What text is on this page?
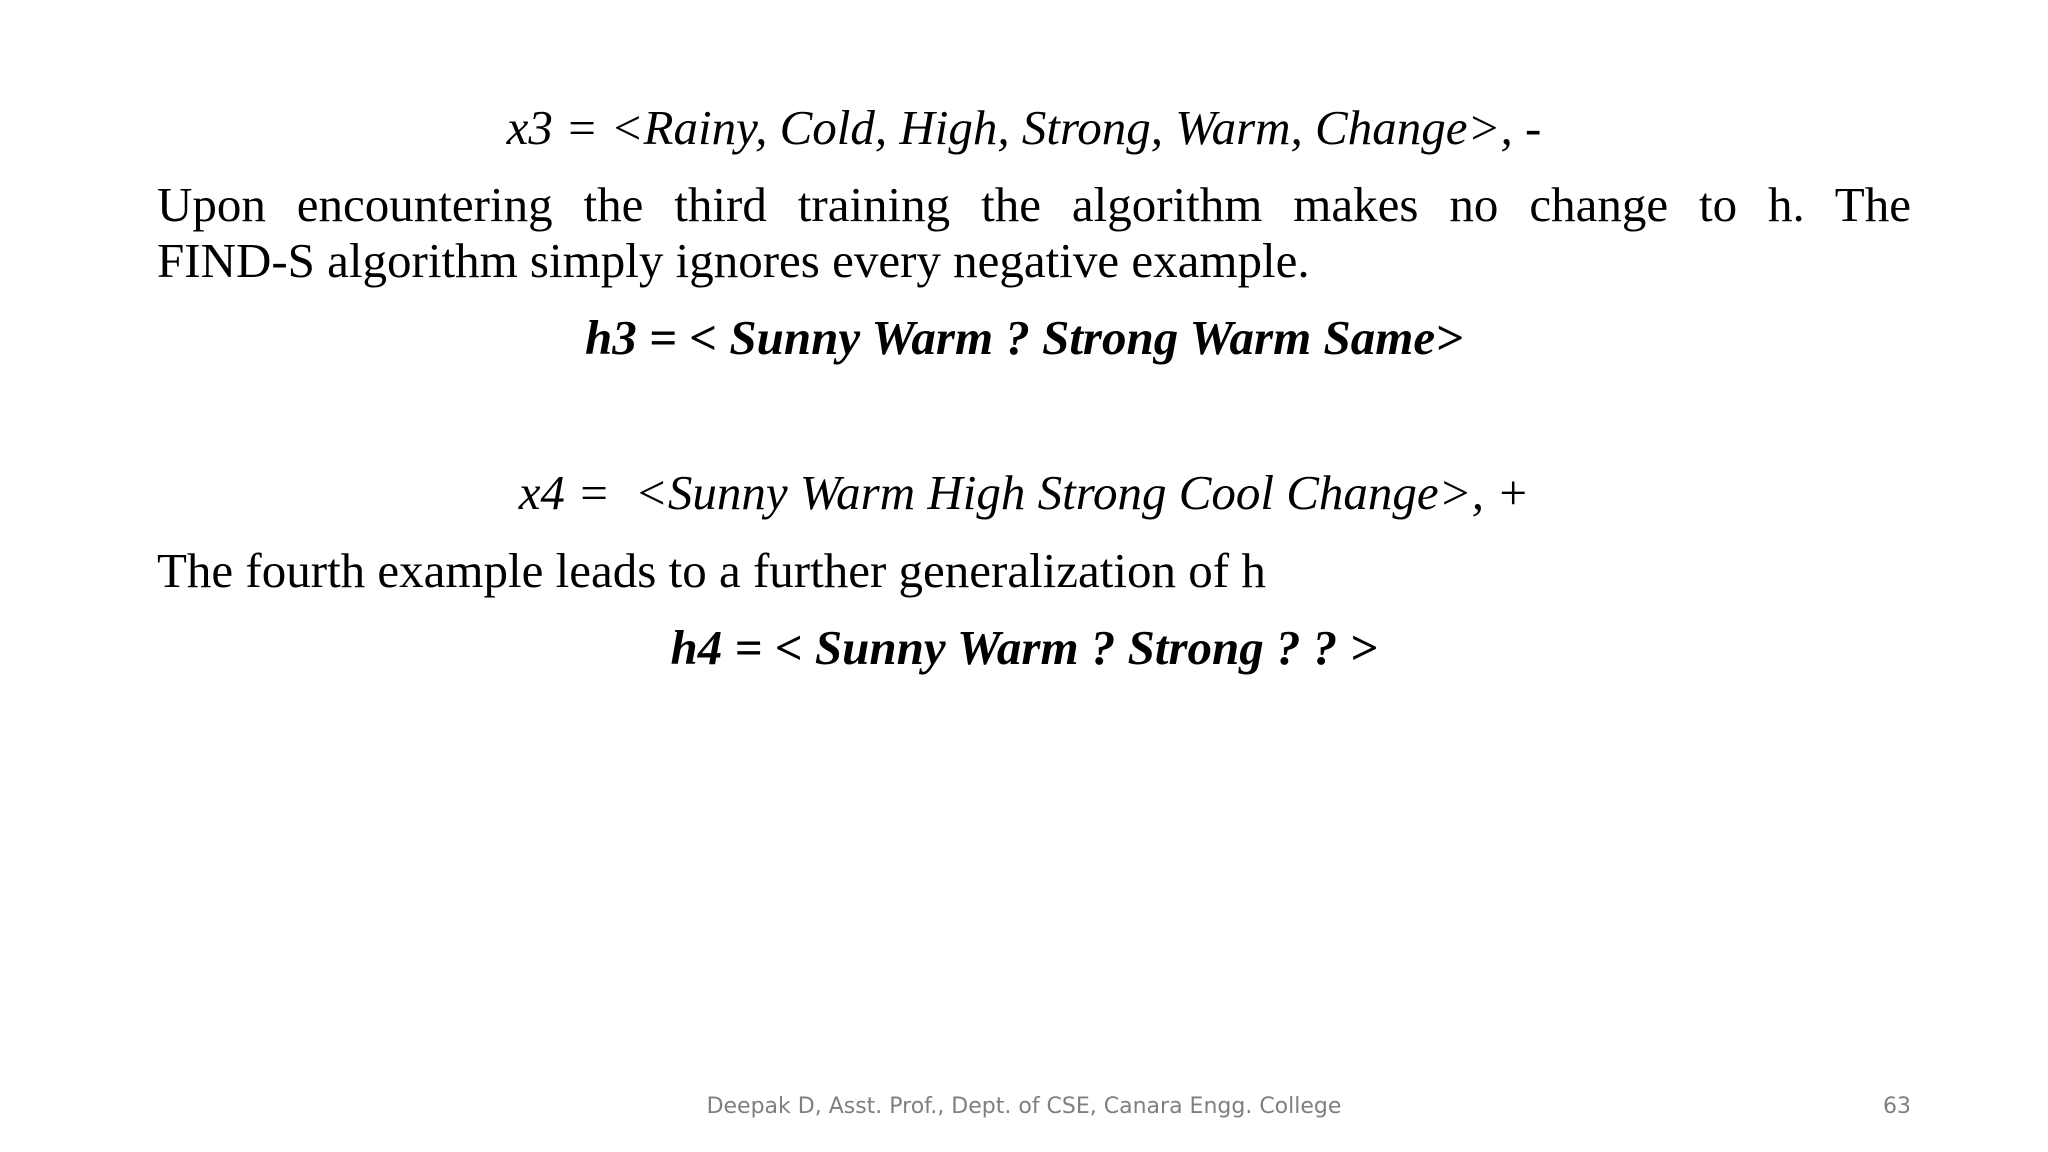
x3 = <Rainy, Cold, High, Strong, Warm, Change>, -
Upon encountering the third training the algorithm makes no change to h. The
FIND-S algorithm simply ignores every negative example.
h3 = < Sunny Warm ? Strong Warm Same>
x4 =  <Sunny Warm High Strong Cool Change>, +
The fourth example leads to a further generalization of h
h4 = < Sunny Warm ? Strong ? ? >
Deepak D, Asst. Prof., Dept. of CSE, Canara Engg. College	63
